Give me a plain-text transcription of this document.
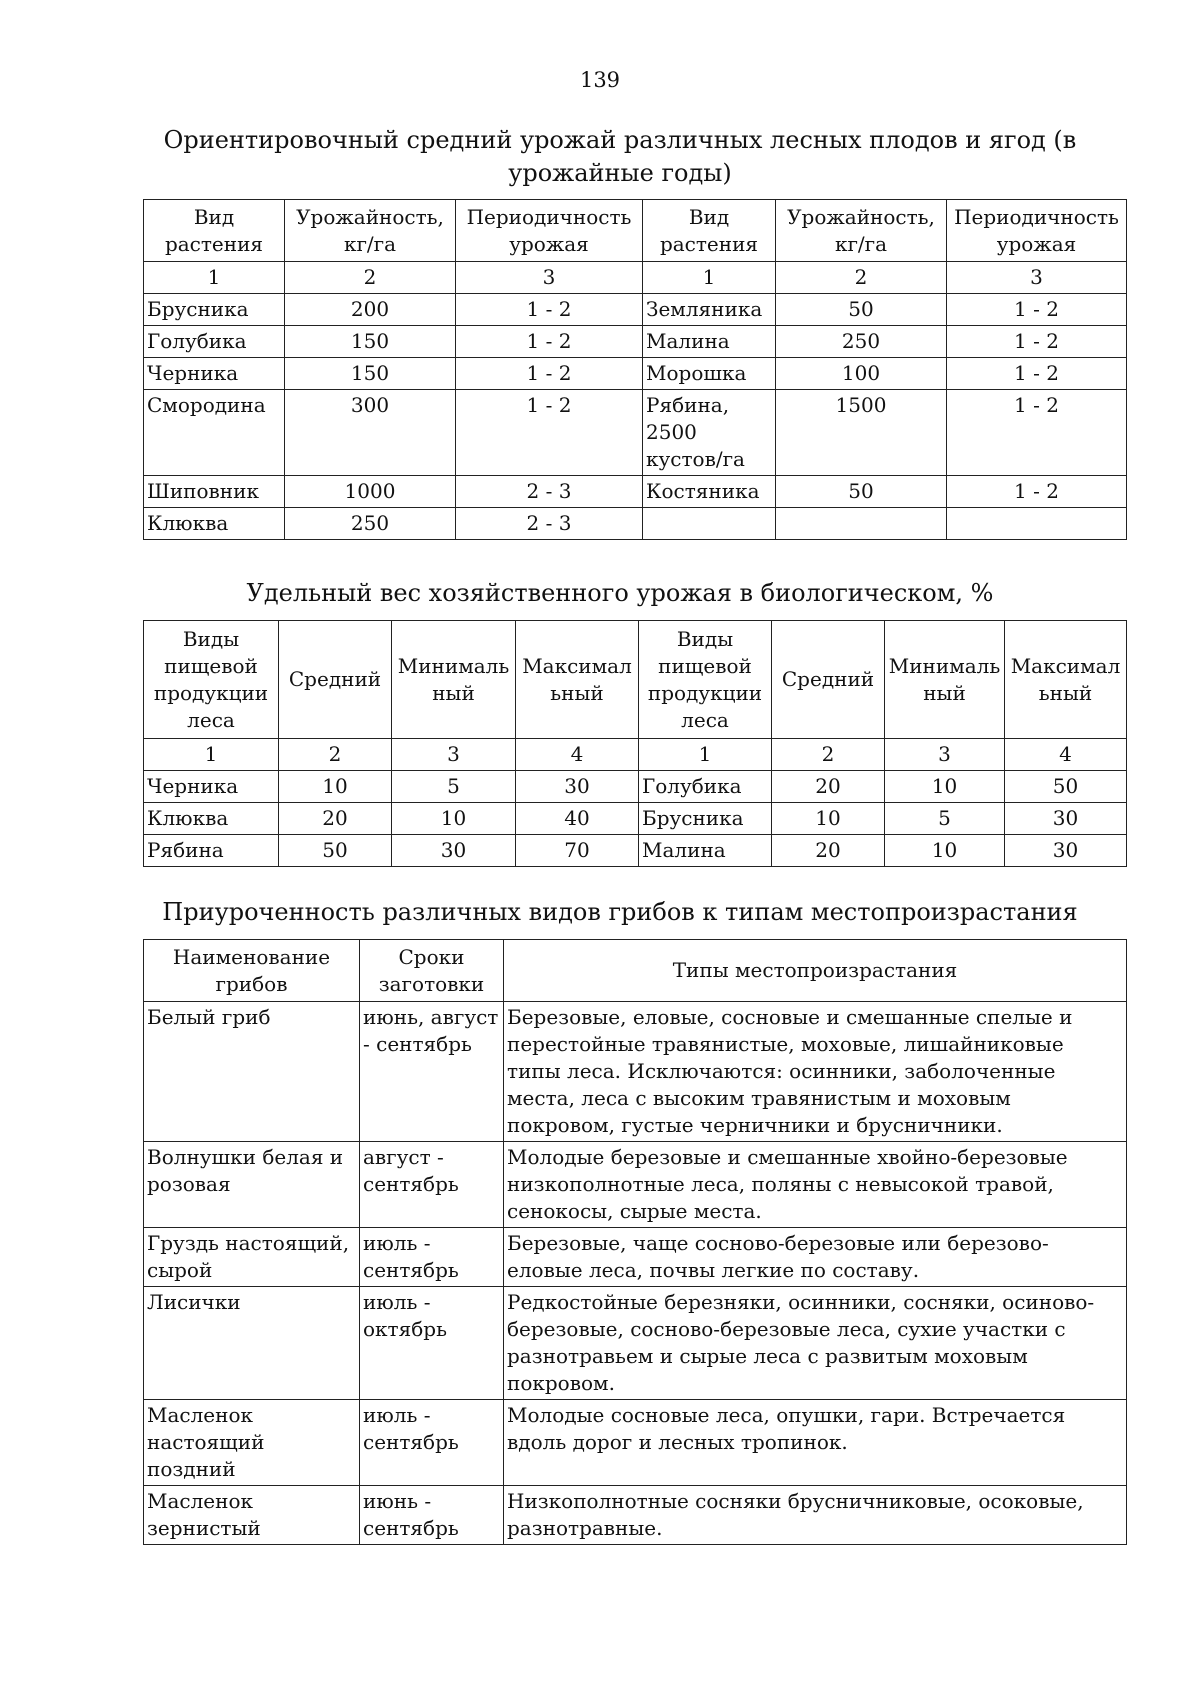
139
Ориентировочный средний урожай различных лесных плодов и ягод (в урожайные годы)
Вид растения	Урожайность, кг/га	Периодичность урожая	Вид растения	Урожайность, кг/га	Периодичность урожая
1	2	3	1	2	3
Брусника	200	1 - 2	Земляника	50	1 - 2
Голубика	150	1 - 2	Малина	250	1 - 2
Черника	150	1 - 2	Морошка	100	1 - 2
Смородина	300	1 - 2	Рябина, 2500 кустов/га	1500	1 - 2
Шиповник	1000	2 - 3	Костяника	50	1 - 2
Клюква	250	2 - 3			
Удельный вес хозяйственного урожая в биологическом, %
Виды пищевой продукции леса	Средний	Минималь ный	Максимал ьный	Виды пищевой продукции леса	Средний	Минималь ный	Максимал ьный
1	2	3	4	1	2	3	4
Черника	10	5	30	Голубика	20	10	50
Клюква	20	10	40	Брусника	10	5	30
Рябина	50	30	70	Малина	20	10	30
Приуроченность различных видов грибов к типам местопроизрастания
Наименование грибов	Сроки заготовки	Типы местопроизрастания
Белый гриб	июнь, август - сентябрь	Березовые, еловые, сосновые и смешанные спелые и перестойные травянистые, моховые, лишайниковые типы леса. Исключаются: осинники, заболоченные места, леса с высоким травянистым и моховым покровом, густые черничники и брусничники.
Волнушки белая и розовая	август - сентябрь	Молодые березовые и смешанные хвойно-березовые низкополнотные леса, поляны с невысокой травой, сенокосы, сырые места.
Груздь настоящий, сырой	июль - сентябрь	Березовые, чаще сосново-березовые или березово-еловые леса, почвы легкие по составу.
Лисички	июль - октябрь	Редкостойные березняки, осинники, сосняки, осиново-березовые, сосново-березовые леса, сухие участки с разнотравьем и сырые леса с развитым моховым покровом.
Масленок настоящий поздний	июль - сентябрь	Молодые сосновые леса, опушки, гари. Встречается вдоль дорог и лесных тропинок.
Масленок зернистый	июнь - сентябрь	Низкополнотные сосняки брусничниковые, осоковые, разнотравные.
